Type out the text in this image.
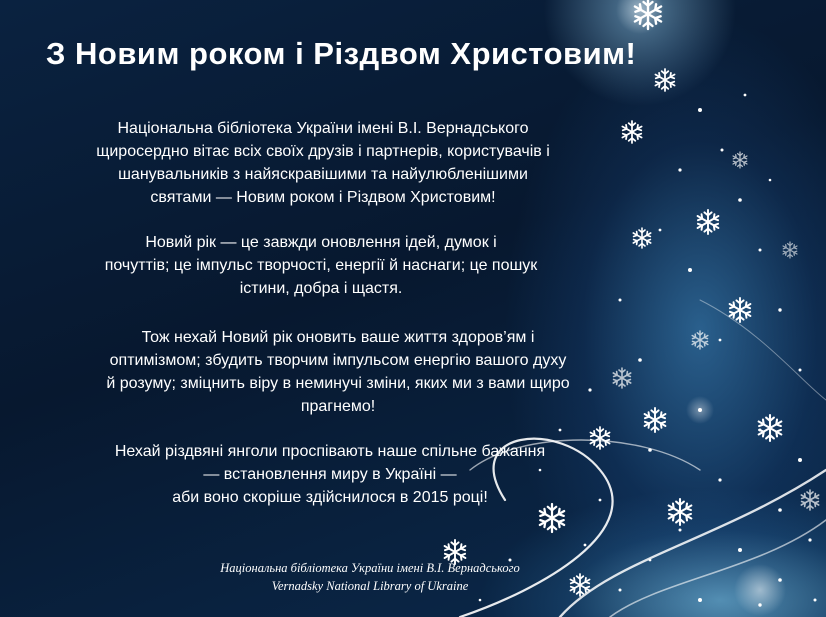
З Новим роком і Різдвом Христовим!

Національна бібліотека України імені В.І. Вернадського
щиросердно вітає всіх своїх друзів і партнерів, користувачів і
шанувальників з найяскравішими та найулюбленішими
святами — Новим роком і Різдвом Христовим!

Новий рік — це завжди оновлення ідей, думок і
почуттів; це імпульс творчості, енергії й наснаги; це пошук
істини, добра і щастя.

Тож нехай Новий рік оновить ваше життя здоров’ям і
оптимізмом; збудить творчим імпульсом енергію вашого духу
й розуму; зміцнить віру в неминучі зміни, яких ми з вами щиро
прагнемо!

Нехай різдвяні янголи проспівають наше спільне бажання
— встановлення миру в Україні —
аби воно скоріше здійснилося в 2015 році!

Національна бібліотека України імені В.І. Вернадського
Vernadsky National Library of Ukraine
